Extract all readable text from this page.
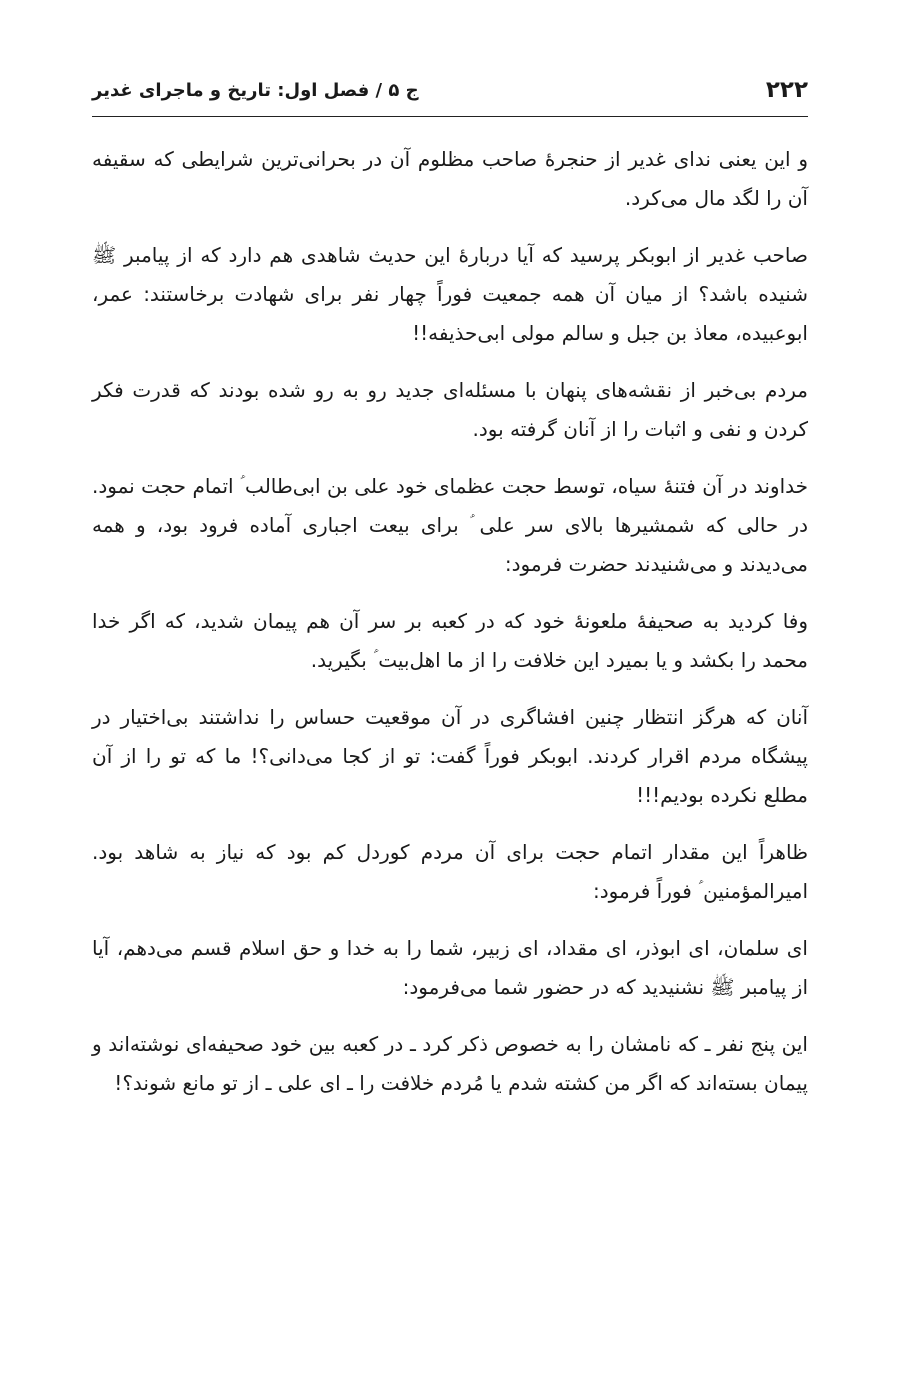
۲۲۲
ج ۵ / فصل اول: تاریخ و ماجرای غدیر

و این یعنی ندای غدیر از حنجرۀ صاحب مظلوم آن در بحرانی‌ترین شرایطی که سقیفه آن را لگد مال می‌کرد.

صاحب غدیر از ابوبکر پرسید که آیا دربارۀ این حدیث شاهدی هم دارد که از پیامبر ﷺ شنیده باشد؟ از میان آن همه جمعیت فوراً چهار نفر برای شهادت برخاستند: عمر، ابوعبیده، معاذ بن جبل و سالم مولی ابی‌حذیفه!!

مردم بی‌خبر از نقشه‌های پنهان با مسئله‌ای جدید رو به رو شده بودند که قدرت فکر کردن و نفی و اثبات را از آنان گرفته بود.

خداوند در آن فتنۀ سیاه، توسط حجت عظمای خود علی بن ابی‌طالب ؑ اتمام حجت نمود. در حالی که شمشیرها بالای سر علی ؑ برای بیعت اجباری آماده فرود بود، و همه می‌دیدند و می‌شنیدند حضرت فرمود:

وفا کردید به صحیفۀ ملعونۀ خود که در کعبه بر سر آن هم پیمان شدید، که اگر خدا محمد را بکشد و یا بمیرد این خلافت را از ما اهل‌بیت ؑ بگیرید.

آنان که هرگز انتظار چنین افشاگری در آن موقعیت حساس را نداشتند بی‌اختیار در پیشگاه مردم اقرار کردند. ابوبکر فوراً گفت: تو از کجا می‌دانی؟! ما که تو را از آن مطلع نکرده بودیم!!!

ظاهراً این مقدار اتمام حجت برای آن مردم کوردل کم بود که نیاز به شاهد بود. امیرالمؤمنین ؑ فوراً فرمود:

ای سلمان، ای ابوذر، ای مقداد، ای زبیر، شما را به خدا و حق اسلام قسم می‌دهم، آیا از پیامبر ﷺ نشنیدید که در حضور شما می‌فرمود:

این پنج نفر ـ که نامشان را به خصوص ذکر کرد ـ در کعبه بین خود صحیفه‌ای نوشته‌اند و پیمان بسته‌اند که اگر من کشته شدم یا مُردم خلافت را ـ ای علی ـ از تو مانع شوند؟!
